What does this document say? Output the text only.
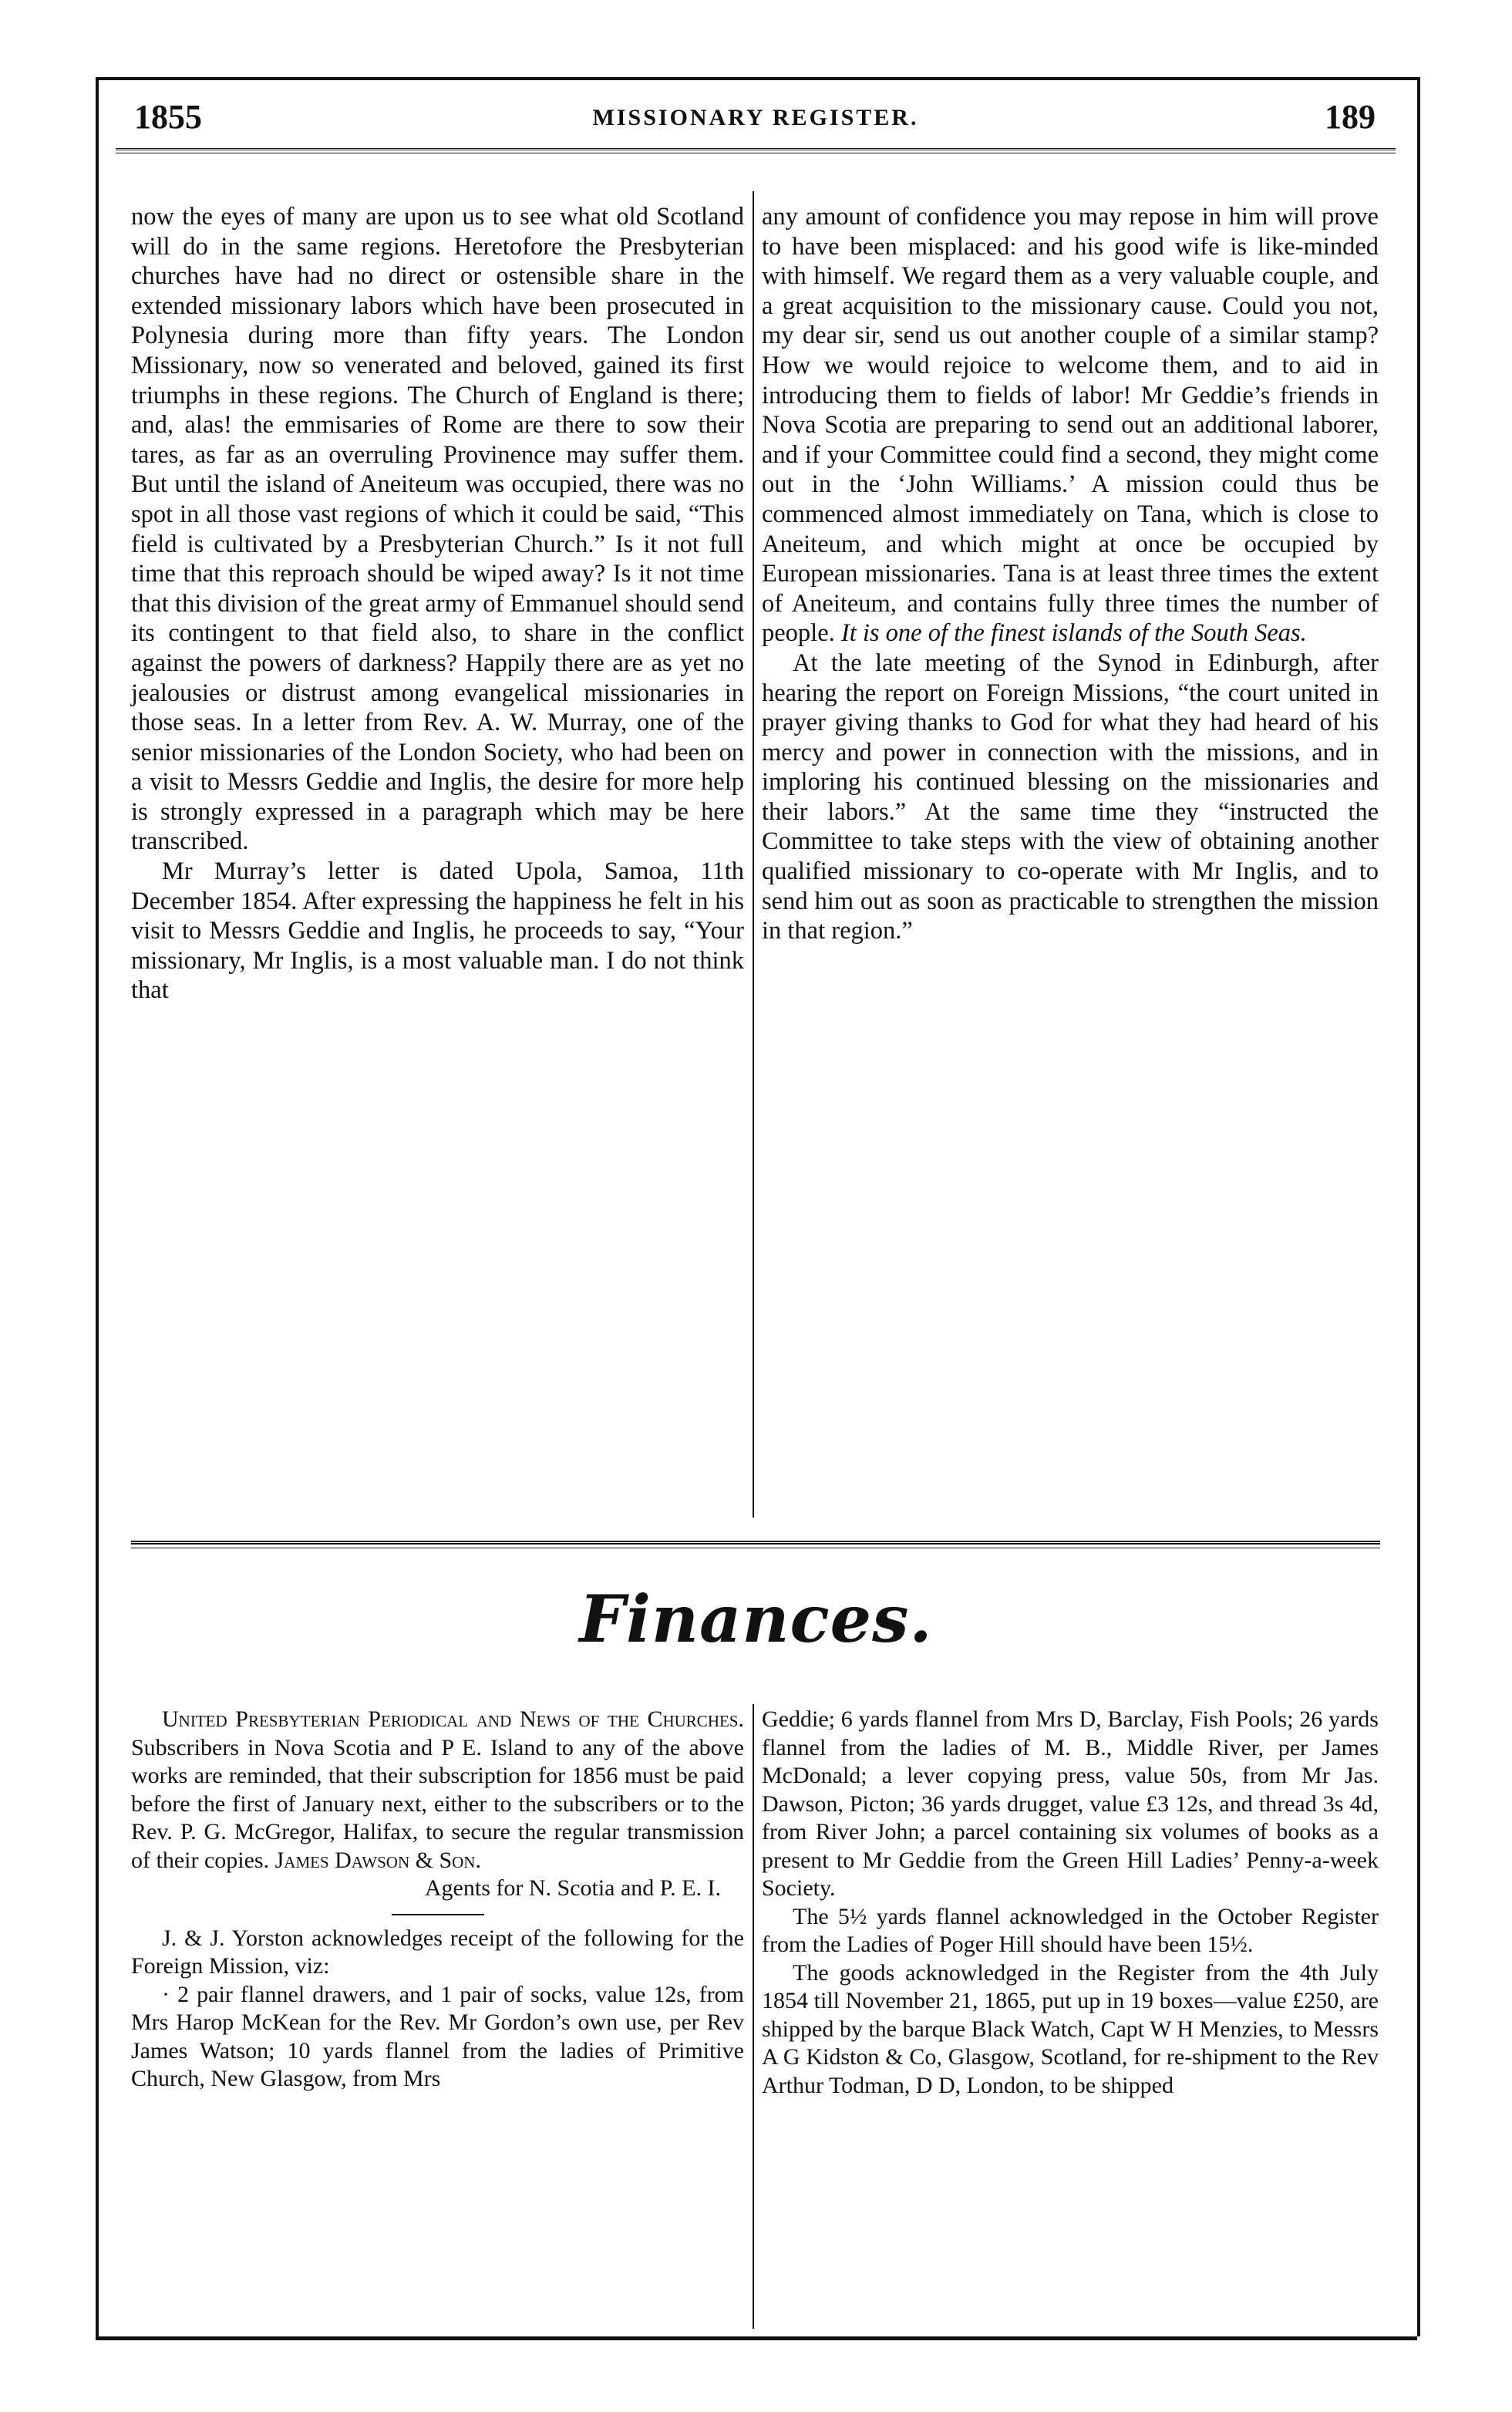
1855	MISSIONARY REGISTER.	189

now the eyes of many are upon us to see what old Scotland will do in the same regions. Heretofore the Presbyterian churches have had no direct or ostensible share in the extended missionary labors which have been prosecuted in Polynesia during more than fifty years. The London Missionary, now so venerated and beloved, gained its first triumphs in these regions. The Church of England is there; and, alas! the emmisaries of Rome are there to sow their tares, as far as an overruling Provinence may suffer them. But until the island of Aneiteum was occupied, there was no spot in all those vast regions of which it could be said, “This field is cultivated by a Presbyterian Church.” Is it not full time that this reproach should be wiped away? Is it not time that this division of the great army of Emmanuel should send its contingent to that field also, to share in the conflict against the powers of darkness? Happily there are as yet no jealousies or distrust among evangelical missionaries in those seas. In a letter from Rev. A. W. Murray, one of the senior missionaries of the London Society, who had been on a visit to Messrs Geddie and Inglis, the desire for more help is strongly expressed in a paragraph which may be here transcribed.

Mr Murray’s letter is dated Upola, Samoa, 11th December 1854. After expressing the happiness he felt in his visit to Messrs Geddie and Inglis, he proceeds to say, “Your missionary, Mr Inglis, is a most valuable man. I do not think that

any amount of confidence you may repose in him will prove to have been misplaced: and his good wife is like-minded with himself. We regard them as a very valuable couple, and a great acquisition to the missionary cause. Could you not, my dear sir, send us out another couple of a similar stamp? How we would rejoice to welcome them, and to aid in introducing them to fields of labor! Mr Geddie’s friends in Nova Scotia are preparing to send out an additional laborer, and if your Committee could find a second, they might come out in the ‘John Williams.’ A mission could thus be commenced almost immediately on Tana, which is close to Aneiteum, and which might at once be occupied by European missionaries. Tana is at least three times the extent of Aneiteum, and contains fully three times the number of people. It is one of the finest islands of the South Seas.

At the late meeting of the Synod in Edinburgh, after hearing the report on Foreign Missions, “the court united in prayer giving thanks to God for what they had heard of his mercy and power in connection with the missions, and in imploring his continued blessing on the missionaries and their labors.” At the same time they “instructed the Committee to take steps with the view of obtaining another qualified missionary to co-operate with Mr Inglis, and to send him out as soon as practicable to strengthen the mission in that region.”

Finances.

United Presbyterian Periodical and News of the Churches. Subscribers in Nova Scotia and P E. Island to any of the above works are reminded, that their subscription for 1856 must be paid before the first of January next, either to the subscribers or to the Rev. P. G. McGregor, Halifax, to secure the regular transmission of their copies. James Dawson & Son.

Agents for N. Scotia and P. E. I.

J. & J. Yorston acknowledges receipt of the following for the Foreign Mission, viz:

· 2 pair flannel drawers, and 1 pair of socks, value 12s, from Mrs Harop McKean for the Rev. Mr Gordon’s own use, per Rev James Watson; 10 yards flannel from the ladies of Primitive Church, New Glasgow, from Mrs

Geddie; 6 yards flannel from Mrs D, Barclay, Fish Pools; 26 yards flannel from the ladies of M. B., Middle River, per James McDonald; a lever copying press, value 50s, from Mr Jas. Dawson, Picton; 36 yards drugget, value £3 12s, and thread 3s 4d, from River John; a parcel containing six volumes of books as a present to Mr Geddie from the Green Hill Ladies’ Penny-a-week Society.

The 5½ yards flannel acknowledged in the October Register from the Ladies of Poger Hill should have been 15½.

The goods acknowledged in the Register from the 4th July 1854 till November 21, 1865, put up in 19 boxes—value £250, are shipped by the barque Black Watch, Capt W H Menzies, to Messrs A G Kidston & Co, Glasgow, Scotland, for re-shipment to the Rev Arthur Todman, D D, London, to be shipped
